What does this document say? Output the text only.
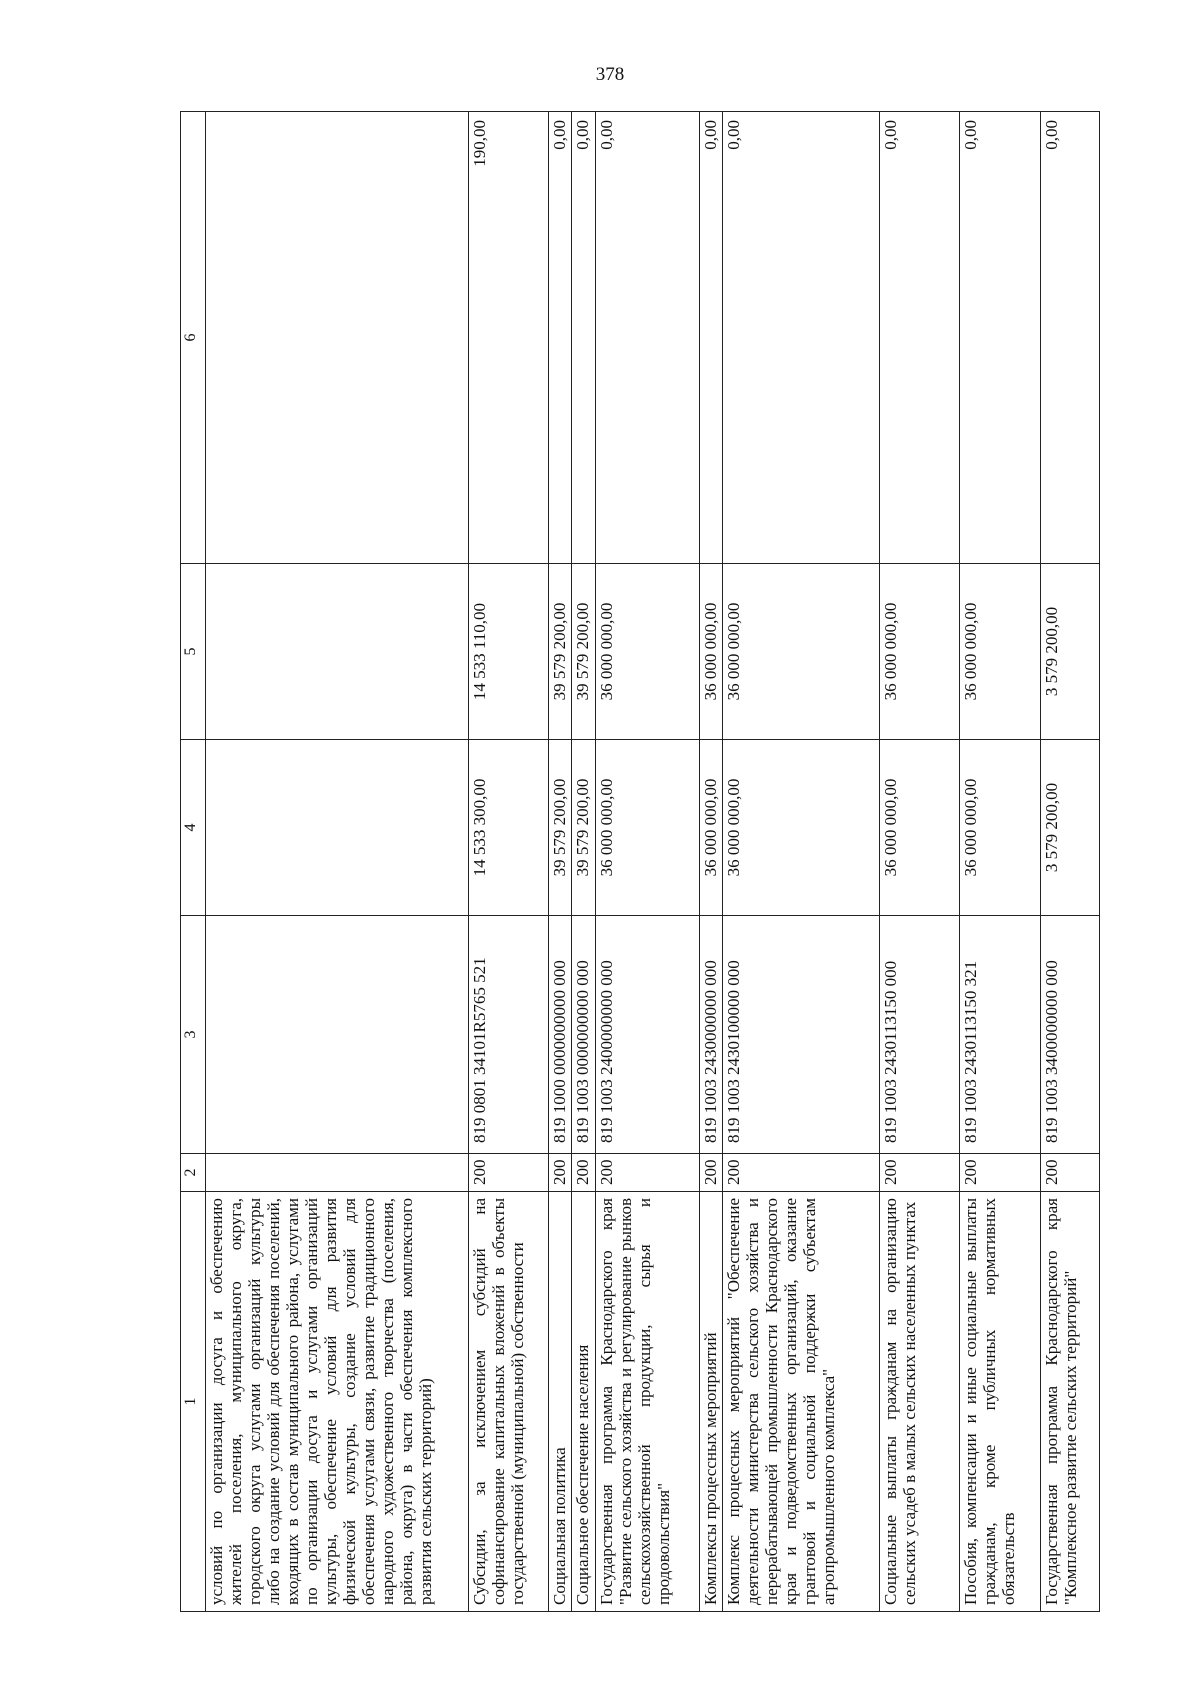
378
1	2	3	4	5	6
условий по организации досуга и обеспечению жителей поселения, муниципального округа, городского округа услугами организаций культуры либо на создание условий для обеспечения поселений, входящих в состав муниципального района, услугами по организации досуга и услугами организаций культуры, обеспечение условий для развития физической культуры, создание условий для обеспечения услугами связи, развитие традиционного народного художественного творчества (поселения, района, округа) в части обеспечения комплексного развития сельских территорий)					
Субсидии, за исключением субсидий на софинансирование капитальных вложений в объекты государственной (муниципальной) собственности	200	819 0801 34101R5765 521	14 533 300,00	14 533 110,00	190,00
Социальная политика	200	819 1000 0000000000 000	39 579 200,00	39 579 200,00	0,00
Социальное обеспечение населения	200	819 1003 0000000000 000	39 579 200,00	39 579 200,00	0,00
Государственная программа Краснодарского края "Развитие сельского хозяйства и регулирование рынков сельскохозяйственной продукции, сырья и продовольствия"	200	819 1003 2400000000 000	36 000 000,00	36 000 000,00	0,00
Комплексы процессных мероприятий	200	819 1003 2430000000 000	36 000 000,00	36 000 000,00	0,00
Комплекс процессных мероприятий "Обеспечение деятельности министерства сельского хозяйства и перерабатывающей промышленности Краснодарского края и подведомственных организаций, оказание грантовой и социальной поддержки субъектам агропромышленного комплекса"	200	819 1003 2430100000 000	36 000 000,00	36 000 000,00	0,00
Социальные выплаты гражданам на организацию сельских усадеб в малых сельских населенных пунктах	200	819 1003 2430113150 000	36 000 000,00	36 000 000,00	0,00
Пособия, компенсации и иные социальные выплаты гражданам, кроме публичных нормативных обязательств	200	819 1003 2430113150 321	36 000 000,00	36 000 000,00	0,00
Государственная программа Краснодарского края "Комплексное развитие сельских территорий"	200	819 1003 3400000000 000	3 579 200,00	3 579 200,00	0,00
